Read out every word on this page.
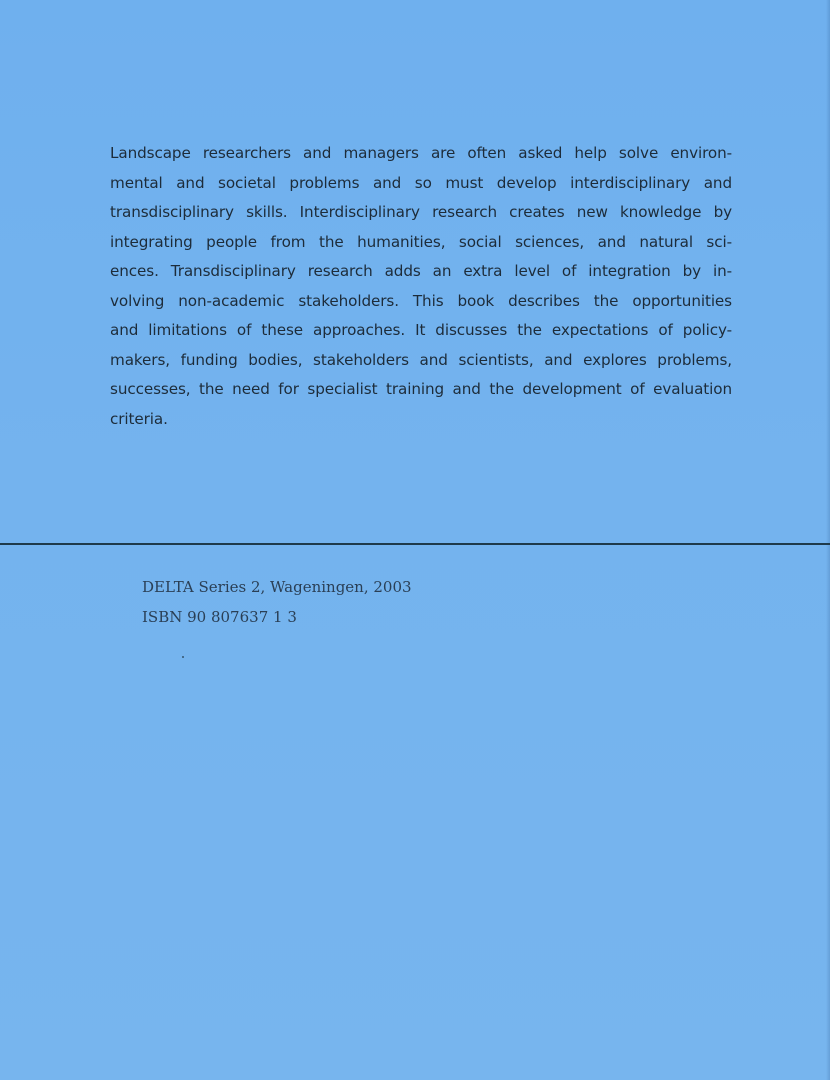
Landscape researchers and managers are often asked help solve environ-
mental and societal problems and so must develop interdisciplinary and
transdisciplinary skills. Interdisciplinary research creates new knowledge by
integrating people from the humanities, social sciences, and natural sci-
ences. Transdisciplinary research adds an extra level of integration by in-
volving non-academic stakeholders. This book describes the opportunities
and limitations of these approaches. It discusses the expectations of policy-
makers, funding bodies, stakeholders and scientists, and explores problems,
successes, the need for specialist training and the development of evaluation
criteria.
DELTA Series 2, Wageningen, 2003
ISBN 90 807637 1 3
